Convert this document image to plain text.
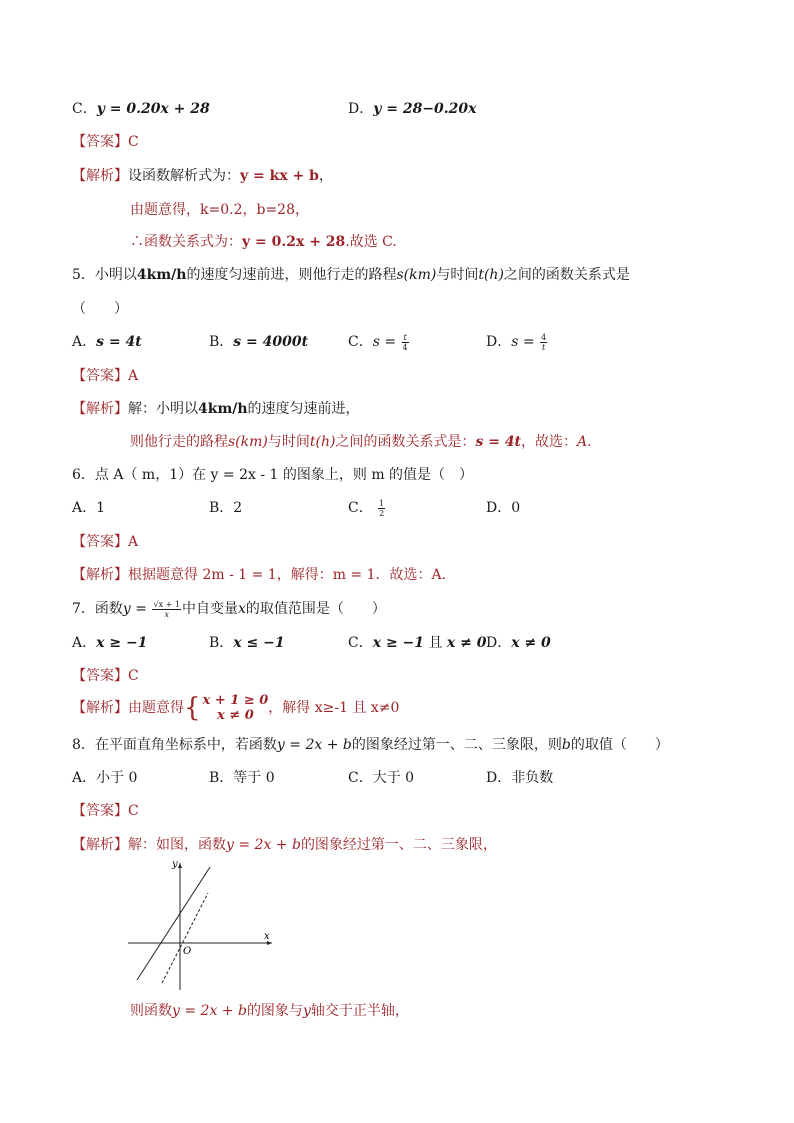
C．y = 0.20x + 28	D．y = 28−0.20x
【答案】C
【解析】设函数解析式为：y = kx + b，
由题意得，k=0.2，b=28，
∴函数关系式为：y = 0.2x + 28.故选 C.
5．小明以4km/h的速度匀速前进，则他行走的路程s(km)与时间t(h)之间的函数关系式是
（　　）
A．s = 4t	B．s = 4000t	C．$s = \frac{t}{4}$	D．$s = \frac{4}{t}$
【答案】A
【解析】解：小明以4km/h的速度匀速前进，
则他行走的路程s(km)与时间t(h)之间的函数关系式是：s = 4t，故选：A.
6．点 A（ m，1）在 y = 2x - 1 的图象上，则 m 的值是（　）
A．1	B．2	C． $\frac{1}{2}$	D．0
【答案】A
【解析】根据题意得 2m - 1 = 1，解得：m = 1．故选：A．
7．函数$y = \frac{√x + 1}{x}$ 中自变量x的取值范围是（　　）
A．x ≥ −1	B．x ≤ −1	C．x ≥ −1 且 x ≠ 0 D．x ≠ 0
【答案】C
【解析】由题意得{ x + 1 ≥ 0
x ≠ 0	，解得 x≥-1 且 x≠0
8．在平面直角坐标系中，若函数y = 2x + b的图象经过第一、二、三象限，则b的取值（　　）
A．小于 0	B．等于 0	C．大于 0	D．非负数
【答案】C
【解析】解：如图，函数y = 2x + b的图象经过第一、二、三象限，
x
y
O
则函数y = 2x + b的图象与y轴交于正半轴，
